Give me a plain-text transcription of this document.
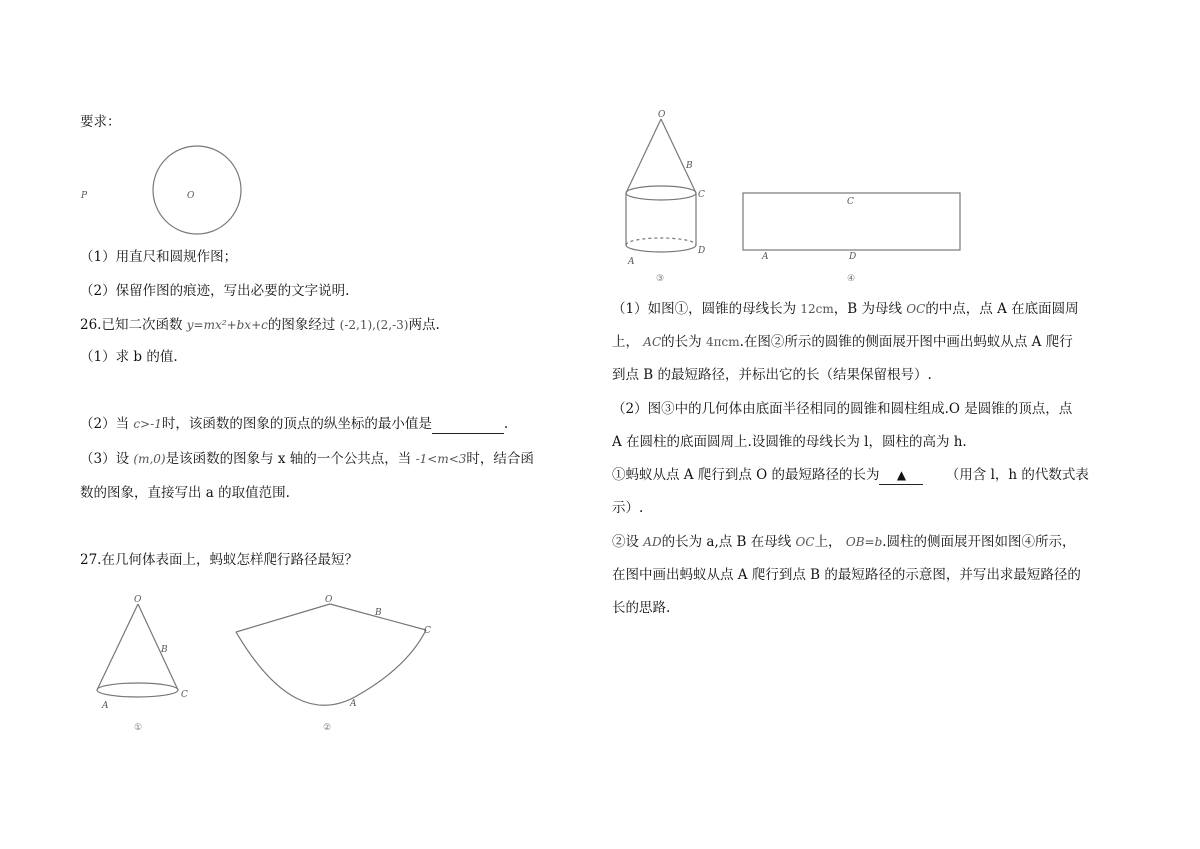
要求：
P	O
（1）用直尺和圆规作图；
（2）保留作图的痕迹，写出必要的文字说明.
26.已知二次函数 y=mx²+bx+c的图象经过 (-2,1),(2,-3)两点.
（1）求 b 的值.
（2）当 c>-1时，该函数的图象的顶点的纵坐标的最小值是	.
（3）设 (m,0)是该函数的图象与 x 轴的一个公共点，当 -1<m<3时，结合函
数的图象，直接写出 a 的取值范围.
27.在几何体表面上，蚂蚁怎样爬行路径最短？
O
B
C
A
①
O
B
C
A
②
O
B
C
D
A
③
C
A	D
④
（1）如图①，圆锥的母线长为 12cm，B 为母线 OC的中点，点 A 在底面圆周
上， AC的长为 4πcm.在图②所示的圆锥的侧面展开图中画出蚂蚁从点 A 爬行
到点 B 的最短路径，并标出它的长（结果保留根号）.
（2）图③中的几何体由底面半径相同的圆锥和圆柱组成.O 是圆锥的顶点，点
A 在圆柱的底面圆周上.设圆锥的母线长为 l，圆柱的高为 h.
①蚂蚁从点 A 爬行到点 O 的最短路径的长为 ▲	（用含 l，h 的代数式表
示）.
②设 AD的长为 a,点 B 在母线 OC上， OB=b.圆柱的侧面展开图如图④所示，
在图中画出蚂蚁从点 A 爬行到点 B 的最短路径的示意图，并写出求最短路径的
长的思路.
